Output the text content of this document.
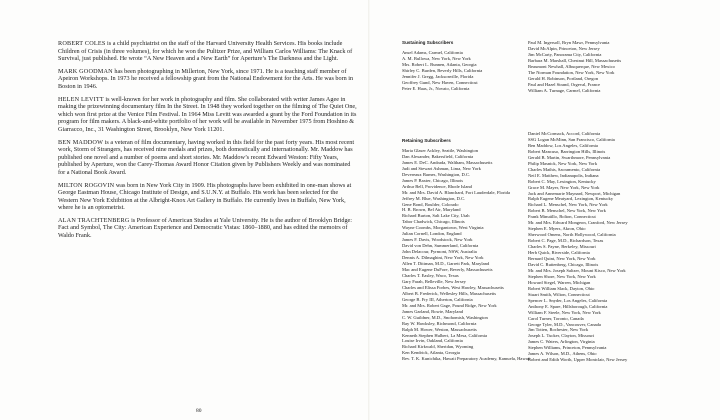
ROBERT COLES is a child psychiatrist on the staff of the Harvard University Health Services. His books include Children of Crisis (in three volumes), for which he won the Pulitzer Prize, and William Carlos Williams: The Knack of Survival, just published. He wrote “A New Heaven and a New Earth” for Aperture’s The Darkness and the Light.

MARK GOODMAN has been photographing in Millerton, New York, since 1971. He is a teaching staff member of Apeiron Workshops. In 1973 he received a fellowship grant from the National Endowment for the Arts. He was born in Boston in 1946.

HELEN LEVITT is well-known for her work in photography and film. She collaborated with writer James Agee in making the prizewinning documentary film In the Street. In 1948 they worked together on the filming of The Quiet One, which won first prize at the Venice Film Festival. In 1964 Miss Levitt was awarded a grant by the Ford Foundation in its program for film makers. A black-and-white portfolio of her work will be available in November 1975 from Hoshino & Giarracco, Inc., 31 Washington Street, Brooklyn, New York 11201.

BEN MADDOW is a veteran of film documentary, having worked in this field for the past forty years. His most recent work, Storm of Strangers, has received nine medals and prizes, both domestically and internationally. Mr. Maddow has published one novel and a number of poems and short stories. Mr. Maddow’s recent Edward Weston: Fifty Years, published by Aperture, won the Carey-Thomas Award Honor Citation given by Publishers Weekly and was nominated for a National Book Award.

MILTON ROGOVIN was born in New York City in 1909. His photographs have been exhibited in one-man shows at George Eastman House, Chicago Institute of Design, and S.U.N.Y. at Buffalo. His work has been selected for the Western New York Exhibition at the Albright-Knox Art Gallery in Buffalo. He currently lives in Buffalo, New York, where he is an optometrist.

ALAN TRACHTENBERG is Professor of American Studies at Yale University. He is the author of Brooklyn Bridge: Fact and Symbol, The City: American Experience and Democratic Vistas: 1860–1880, and has edited the memoirs of Waldo Frank.

Sustaining Subscribers
Ansel Adams, Carmel, California
A. M. Bullowa, New York, New York
Mrs. Robert L. Bunnen, Atlanta, Georgia
Shirley C. Burden, Beverly Hills, California
Jennifer J. Gregg, Jacksonville, Florida
Geoffrey Gund, New Haven, Connecticut
Peter E. Haas, Jr., Novato, California
Paul M. Ingersoll, Bryn Mawr, Pennsylvania
David McAlpin, Princeton, New Jersey
Jim McCarty, Panorama City, California
Barbara M. Marshall, Chestnut Hill, Massachusetts
Beaumont Newhall, Albuquerque, New Mexico
The Norman Foundation, New York, New York
Gerald H. Robinson, Portland, Oregon
Paul and Hazel Strand, Orgeval, France
William A. Turnage, Carmel, California
Retaining Subscribers
Maria Glaser Ackley, Seattle, Washington
Dan Alexander, Bakersfield, California
James E. DeC. Andrada, Waltham, Massachusetts
Judi and Stewart Ashman, Lima, New York
Devereaux Barnes, Washington, D.C.
James P. Baxter, Chicago, Illinois
Arthur Bell, Providence, Rhode Island
Mr. and Mrs. David A. Blanchard, Fort Lauderdale, Florida
Jeffrey M. Blue, Washington, D.C.
Gene Bond, Boulder, Colorado
H. B. Brown, Bel Air, Maryland
Richard Burton, Salt Lake City, Utah
Tabor Chadwick, Chicago, Illinois
Wayne Coombs, Morgantown, West Virginia
Julian Cornell, London, England
James F. Davis, Woodstock, New York
David von Dehn, Summerland, California
John Delacour, Pyrmont, NSW, Australia
Dennis A. Dilmaghini, New York, New York
Allen T. Dittman, M.D., Garrett Park, Maryland
Mac and Eugene DuFore, Beverly, Massachusetts
Charles T. Easley, Waco, Texas
Gary Farah, Belleville, New Jersey
Charles and Elissa Forbes, West Hawley, Massachusetts
Albert B. Frederick, Wellesley Hills, Massachusetts
George B. Fry III, Atherton, California
Mr. and Mrs. Robert Gage, Pound Ridge, New York
James Garland, Bowie, Maryland
C. W. Guildner, M.D., Snohomish, Washington
Ray W. Hawksley, Richmond, California
Ralph M. Hower, Weston, Massachusetts
Kenneth Stephen Hulbert, La Mesa, California
Louise Irvin, Oakland, California
Richard Kirkwald, Sheridan, Wyoming
Ken Kendrick, Atlanta, Georgia
Rev. T. K. Kunichika, Hawaii Preparatory Academy, Kamuela, Hawaii
Daniel McCormack, Accord, California
SSG Logan McMinn, San Francisco, California
Ben Maddow, Los Angeles, California
Robert Mancuso, Barrington Hills, Illinois
Gerald B. Martin, Swarthmore, Pennsylvania
Philip Masnick, New York, New York
Charles Mathis, Sacramento, California
Neil E. Matthew, Indianapolis, Indiana
Robert C. May, Lexington, Kentucky
Grace M. Mayer, New York, New York
Jack and Annemarie Maynard, Newport, Michigan
Ralph Eugene Meatyard, Lexington, Kentucky
Richard L. Menschel, New York, New York
Robert B. Menschel, New York, New York
Frank Minutillo, Bolton, Connecticut
Mr. and Mrs. Edward Mongeon, Cranford, New Jersey
Stephen E. Myers, Akron, Ohio
Sherwood Omens, North Hollywood, California
Robert C. Page, M.D., Richardson, Texas
Charles S. Payne, Berkeley, Missouri
Herb Quick, Riverside, California
Bernard Quint, New York, New York
David C. Ruttenberg, Chicago, Illinois
Mr. and Mrs. Joseph Saltzer, Mount Kisco, New York
Stephen Shore, New York, New York
Howard Siegel, Warren, Michigan
Robert William Slack, Dayton, Ohio
Stuart Smith, Wilton, Connecticut
Spencer L. Snyder, Los Angeles, California
Anthony E. Spare, Hillsborough, California
William F. Steele, New York, New York
Carol Turner, Toronto, Canada
George Tyler, M.D., Vancouver, Canada
Jim Totten, Rochester, New York
Joseph L. Tucker, Clayton, Missouri
James C. Waters, Arlington, Virginia
Stephen Williams, Princeton, Pennsylvania
James A. Wilson, M.D., Athens, Ohio
Robert and Edith Worth, Upper Montclair, New Jersey
80
